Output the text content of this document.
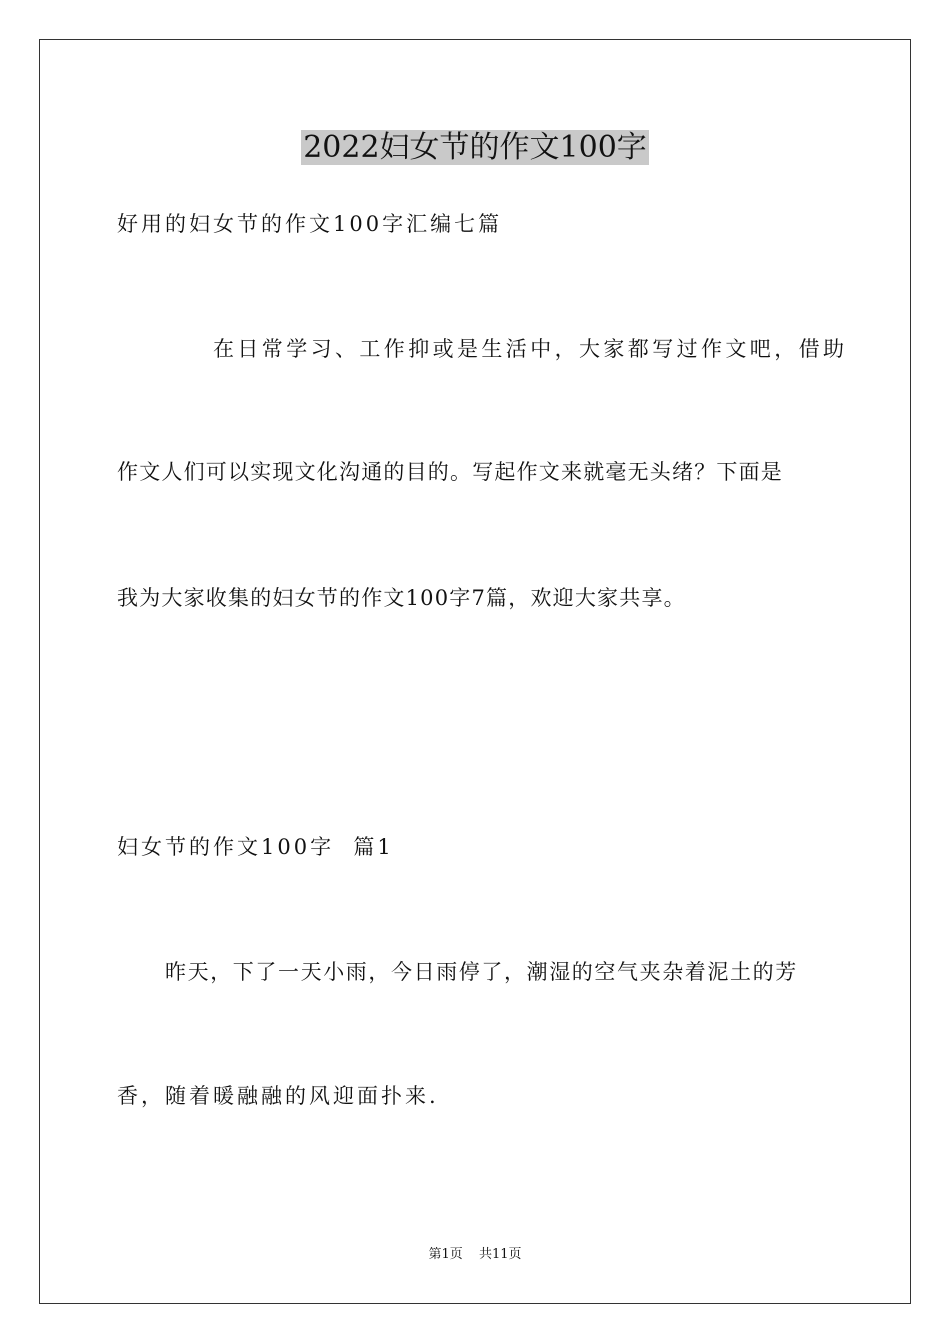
2022妇女节的作文100字
好用的妇女节的作文100字汇编七篇
在日常学习、工作抑或是生活中，大家都写过作文吧，借助
作文人们可以实现文化沟通的目的。写起作文来就毫无头绪？下面是
我为大家收集的妇女节的作文100字7篇，欢迎大家共享。
妇女节的作文100字  篇1
昨天，下了一天小雨，今日雨停了，潮湿的空气夹杂着泥土的芳
香，随着暖融融的风迎面扑来.
第1页 共11页
